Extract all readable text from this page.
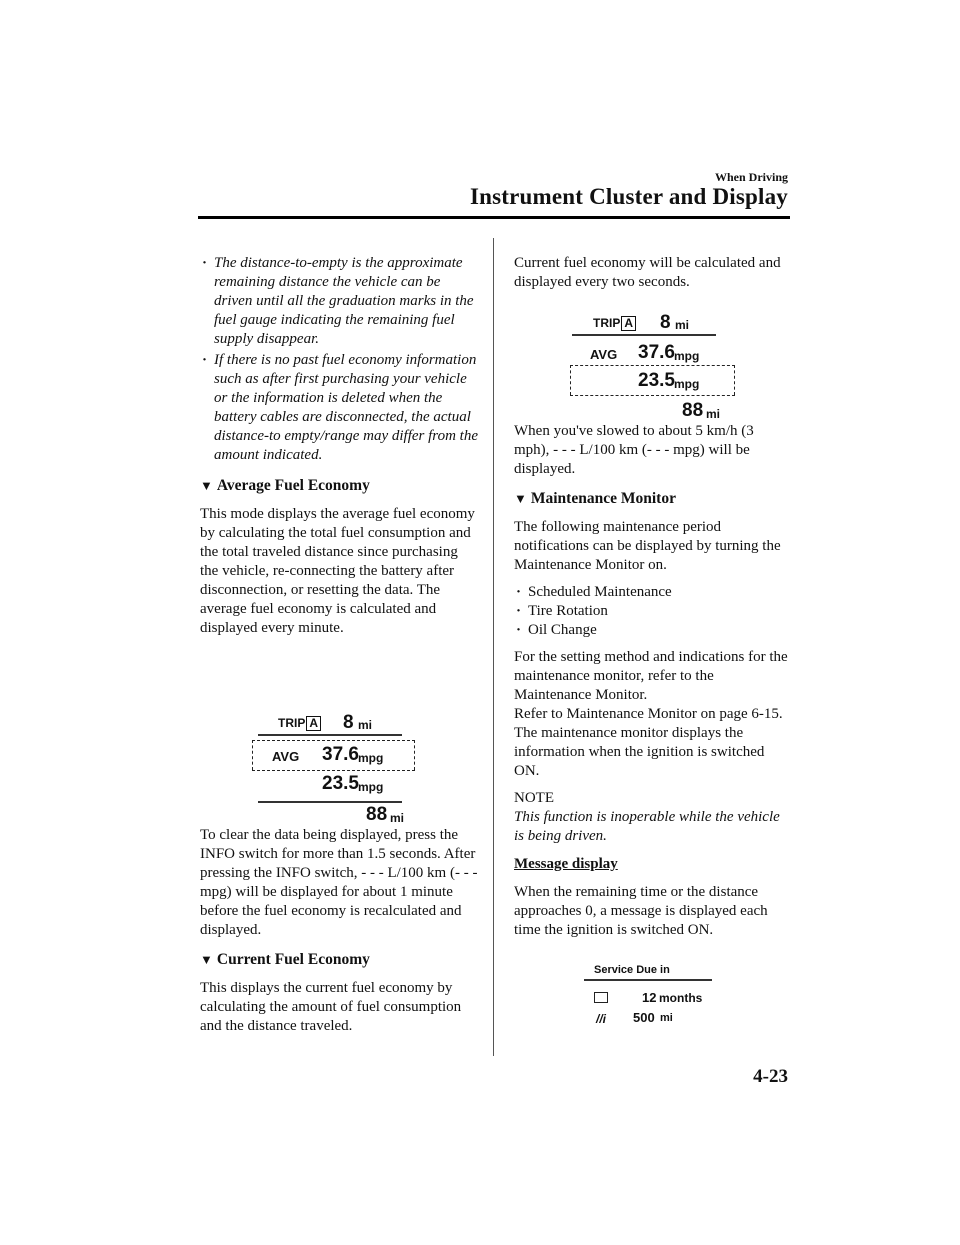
When Driving
Instrument Cluster and Display

· The distance-to-empty is the approximate remaining distance the vehicle can be driven until all the graduation marks in the fuel gauge indicating the remaining fuel supply disappear.

· If there is no past fuel economy information such as after first purchasing your vehicle or the information is deleted when the battery cables are disconnected, the actual distance-to empty/range may differ from the amount indicated.

▼ Average Fuel Economy

This mode displays the average fuel economy by calculating the total fuel consumption and the total traveled distance since purchasing the vehicle, re-connecting the battery after disconnection, or resetting the data. The average fuel economy is calculated and displayed every minute.

TRIP A 8 mi
AVG 37.6 mpg
23.5 mpg
88 mi

To clear the data being displayed, press the INFO switch for more than 1.5 seconds. After pressing the INFO switch, - - - L/100 km (- - - mpg) will be displayed for about 1 minute before the fuel economy is recalculated and displayed.

▼ Current Fuel Economy

This displays the current fuel economy by calculating the amount of fuel consumption and the distance traveled.

Current fuel economy will be calculated and displayed every two seconds.

TRIP A 8 mi
AVG 37.6 mpg
23.5 mpg
88 mi

When you've slowed to about 5 km/h (3 mph), - - - L/100 km (- - - mpg) will be displayed.

▼ Maintenance Monitor

The following maintenance period notifications can be displayed by turning the Maintenance Monitor on.

· Scheduled Maintenance

· Tire Rotation

· Oil Change

For the setting method and indications for the maintenance monitor, refer to the Maintenance Monitor.

Refer to Maintenance Monitor on page 6-15.

The maintenance monitor displays the information when the ignition is switched ON.

NOTE

This function is inoperable while the vehicle is being driven.

Message display

When the remaining time or the distance approaches 0, a message is displayed each time the ignition is switched ON.

Service Due in
12 months
//i 500 mi
4-23
